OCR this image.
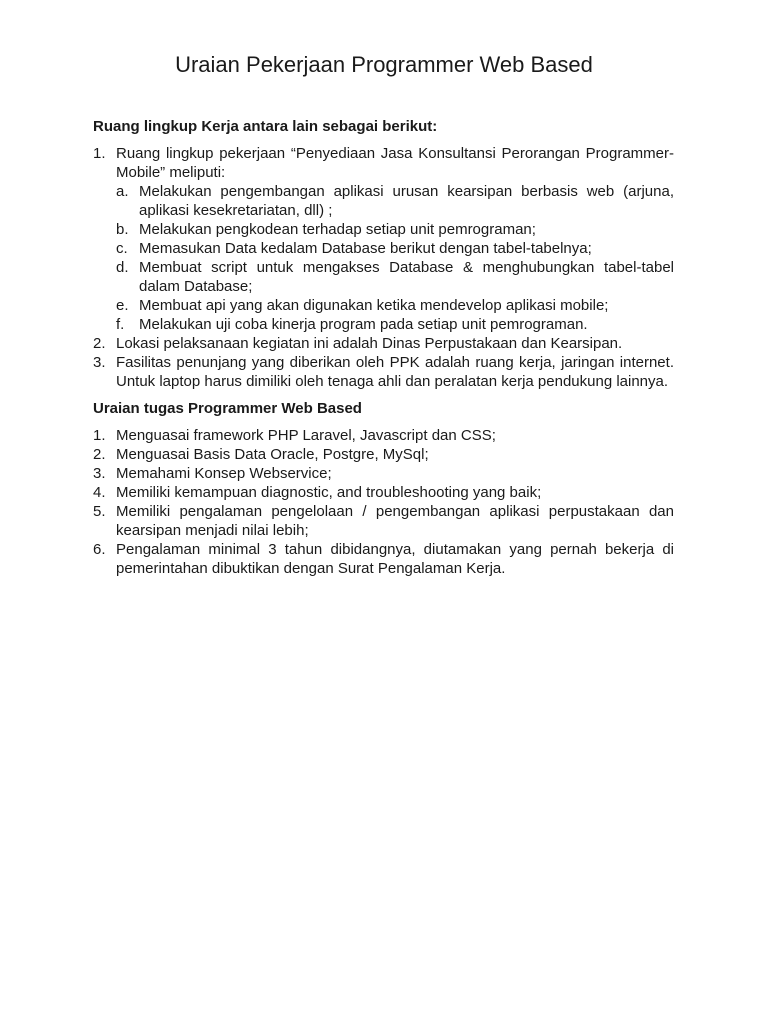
Uraian Pekerjaan Programmer Web Based

Ruang lingkup Kerja antara lain sebagai berikut:

1. Ruang lingkup pekerjaan “Penyediaan Jasa Konsultansi Perorangan Programmer-Mobile” meliputi:
a. Melakukan pengembangan aplikasi urusan kearsipan berbasis web (arjuna, aplikasi kesekretariatan, dll) ;
b. Melakukan pengkodean terhadap setiap unit pemrograman;
c. Memasukan Data kedalam Database berikut dengan tabel-tabelnya;
d. Membuat script untuk mengakses Database & menghubungkan tabel-tabel dalam Database;
e. Membuat api yang akan digunakan ketika mendevelop aplikasi mobile;
f. Melakukan uji coba kinerja program pada setiap unit pemrograman.
2. Lokasi pelaksanaan kegiatan ini adalah Dinas Perpustakaan dan Kearsipan.
3. Fasilitas penunjang yang diberikan oleh PPK adalah ruang kerja, jaringan internet. Untuk laptop harus dimiliki oleh tenaga ahli dan peralatan kerja pendukung lainnya.

Uraian tugas Programmer Web Based

1. Menguasai framework PHP Laravel, Javascript dan CSS;
2. Menguasai Basis Data Oracle, Postgre, MySql;
3. Memahami Konsep Webservice;
4. Memiliki kemampuan diagnostic, and troubleshooting yang baik;
5. Memiliki pengalaman pengelolaan / pengembangan aplikasi perpustakaan dan kearsipan menjadi nilai lebih;
6. Pengalaman minimal 3 tahun dibidangnya, diutamakan yang pernah bekerja di pemerintahan dibuktikan dengan Surat Pengalaman Kerja.
